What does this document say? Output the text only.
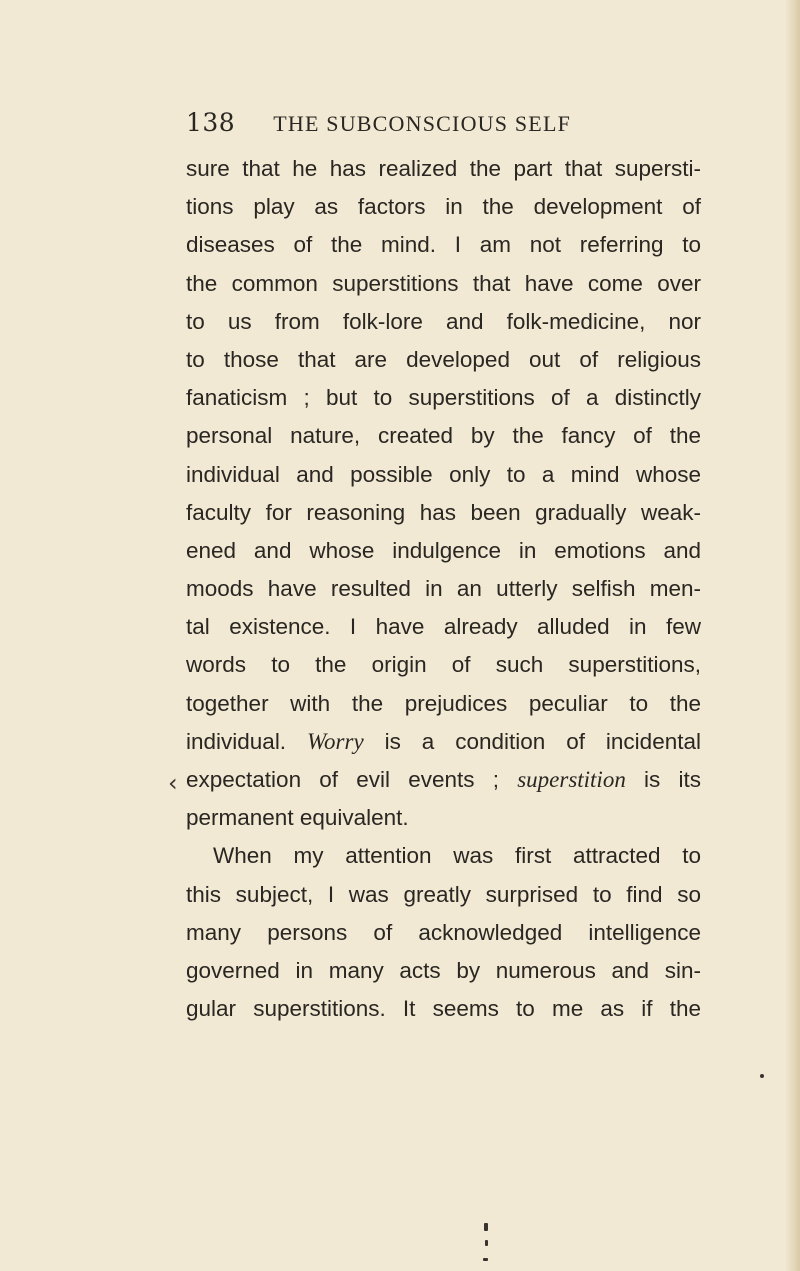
138 THE SUBCONSCIOUS SELF
‹
sure that he has realized the part that supersti-
tions play as factors in the development of
diseases of the mind. I am not referring to
the common superstitions that have come over
to us from folk-lore and folk-medicine, nor
to those that are developed out of religious
fanaticism ; but to superstitions of a distinctly
personal nature, created by the fancy of the
individual and possible only to a mind whose
faculty for reasoning has been gradually weak-
ened and whose indulgence in emotions and
moods have resulted in an utterly selfish men-
tal existence. I have already alluded in few
words to the origin of such superstitions,
together with the prejudices peculiar to the
individual. Worry is a condition of incidental
expectation of evil events ; superstition is its
permanent equivalent.
When my attention was first attracted to
this subject, I was greatly surprised to find so
many persons of acknowledged intelligence
governed in many acts by numerous and sin-
gular superstitions. It seems to me as if the
